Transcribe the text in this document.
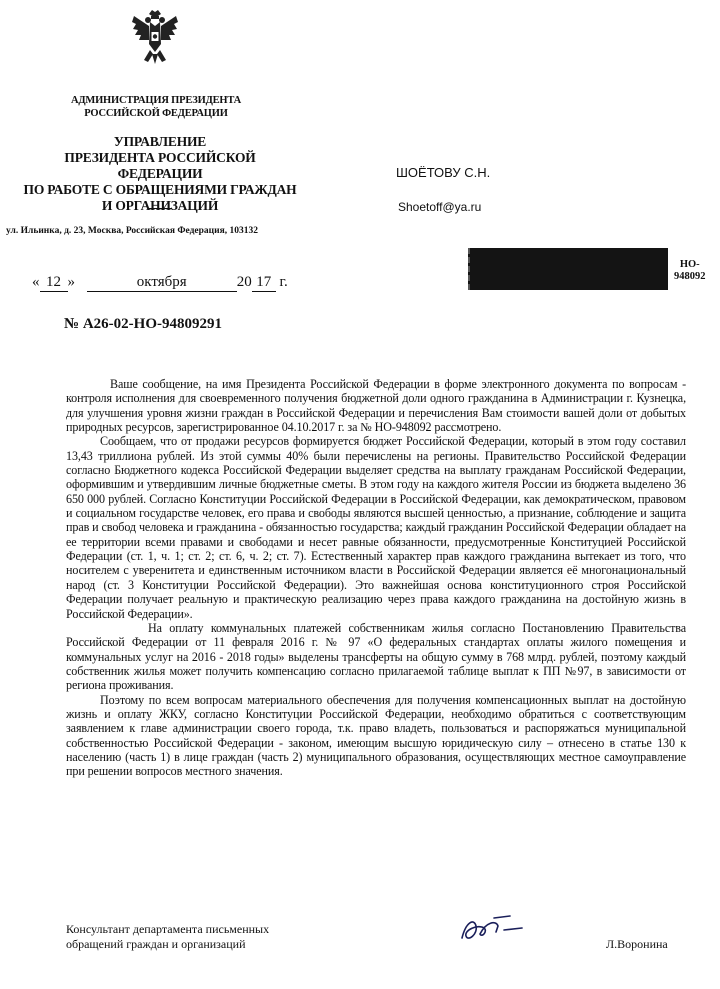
АДМИНИСТРАЦИЯ ПРЕЗИДЕНТА
РОССИЙСКОЙ ФЕДЕРАЦИИ
УПРАВЛЕНИЕ
ПРЕЗИДЕНТА РОССИЙСКОЙ ФЕДЕРАЦИИ
ПО РАБОТЕ С ОБРАЩЕНИЯМИ ГРАЖДАН
И ОРГАНИЗАЦИЙ
ул. Ильинка, д. 23, Москва, Российская Федерация, 103132
ШОЁТОВУ С.Н.
Shoetoff@ya.ru
НО-
948092
« 12 »	октября	20 17 г.
№ А26-02-НО-94809291

Ваше сообщение, на имя Президента Российской Федерации в форме электронного документа по вопросам - контроля исполнения для своевременного получения бюджетной доли одного гражданина в Администрации г. Кузнецка, для улучшения уровня жизни граждан в Российской Федерации и перечисления Вам стоимости вашей доли от добытых природных ресурсов, зарегистрированное 04.10.2017 г. за № НО-948092 рассмотрено.

Сообщаем, что от продажи ресурсов формируется бюджет Российской Федерации, который в этом году составил 13,43 триллиона рублей. Из этой суммы 40% были перечислены на регионы. Правительство Российской Федерации согласно Бюджетного кодекса Российской Федерации выделяет средства на выплату гражданам Российской Федерации, оформившим и утвердившим личные бюджетные сметы. В этом году на каждого жителя России из бюджета выделено 36 650 000 рублей. Согласно Конституции Российской Федерации в Российской Федерации, как демократическом, правовом и социальном государстве человек, его права и свободы являются высшей ценностью, а признание, соблюдение и защита прав и свобод человека и гражданина - обязанностью государства; каждый гражданин Российской Федерации обладает на ее территории всеми правами и свободами и несет равные обязанности, предусмотренные Конституцией Российской Федерации (ст. 1, ч. 1; ст. 2; ст. 6, ч. 2; ст. 7). Естественный характер прав каждого гражданина вытекает из того, что носителем с уверенитета и единственным источником власти в Российской Федерации является её многонациональный народ (ст. 3 Конституции Российской Федерации). Это важнейшая основа конституционного строя Российской Федерации получает реальную и практическую реализацию через права каждого гражданина на достойную жизнь в Российской Федерации».

На оплату коммунальных платежей собственникам жилья согласно Постановлению Правительства Российской Федерации от 11 февраля 2016 г. № 97 «О федеральных стандартах оплаты жилого помещения и коммунальных услуг на 2016 - 2018 годы» выделены трансферты на общую сумму в 768 млрд. рублей, поэтому каждый собственник жилья может получить компенсацию согласно прилагаемой таблице выплат к ПП №97, в зависимости от региона проживания.

Поэтому по всем вопросам материального обеспечения для получения компенсационных выплат на достойную жизнь и оплату ЖКУ, согласно Конституции Российской Федерации, необходимо обратиться с соответствующим заявлением к главе администрации своего города, т.к. право владеть, пользоваться и распоряжаться муниципальной собственностью Российской Федерации - законом, имеющим высшую юридическую силу – отнесено в статье 130 к населению (часть 1) в лице граждан (часть 2) муниципального образования, осуществляющих местное самоуправление при решении вопросов местного значения.

Консультант департамента письменных
обращений граждан и организаций	Л.Воронина
